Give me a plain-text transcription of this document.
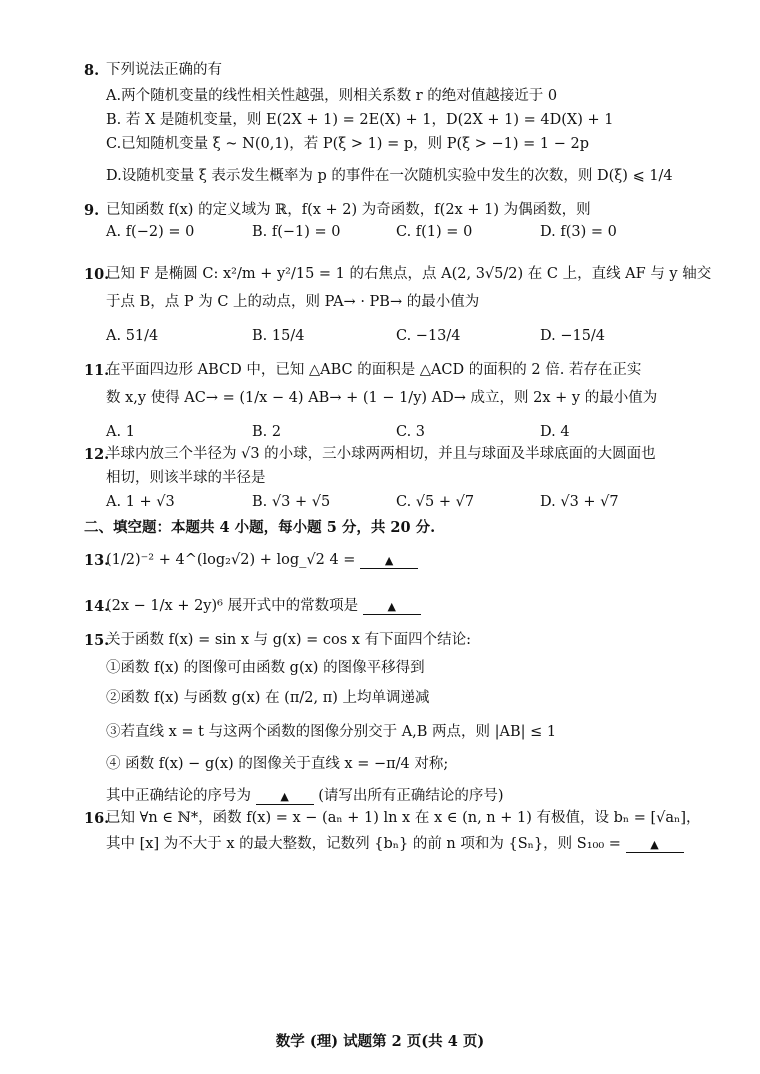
8. 下列说法正确的有
A.两个随机变量的线性相关性越强，则相关系数 r 的绝对值越接近于 0
B. 若 X 是随机变量，则 E(2X + 1) = 2E(X) + 1，D(2X + 1) = 4D(X) + 1
C.已知随机变量 ξ ~ N(0,1)，若 P(ξ > 1) = p，则 P(ξ > −1) = 1 − 2p
D.设随机变量 ξ 表示发生概率为 p 的事件在一次随机实验中发生的次数，则 D(ξ) ⩽ 1/4
9. 已知函数 f(x) 的定义域为 ℝ，f(x + 2) 为奇函数，f(2x + 1) 为偶函数，则
A. f(−2) = 0	B. f(−1) = 0	C. f(1) = 0	D. f(3) = 0
10.
已知 F 是椭圆 C: x²/m + y²/15 = 1 的右焦点，点 A(2, 3√5/2) 在 C 上，直线 AF 与 y 轴交
于点 B，点 P 为 C 上的动点，则 PA→ · PB→ 的最小值为
A. 51/4	B. 15/4	C. −13/4	D. −15/4
11.
在平面四边形 ABCD 中，已知 △ABC 的面积是 △ACD 的面积的 2 倍. 若存在正实
数 x,y 使得 AC→ = (1/x − 4) AB→ + (1 − 1/y) AD→ 成立，则 2x + y 的最小值为
A. 1	B. 2	C. 3	D. 4
12.
半球内放三个半径为 √3 的小球，三小球两两相切，并且与球面及半球底面的大圆面也
相切，则该半球的半径是
A. 1 + √3	B. √3 + √5	C. √5 + √7	D. √3 + √7
二、填空题：本题共 4 小题，每小题 5 分，共 20 分.
13.
(1/2)⁻² + 4^(log₂√2) + log_√2 4 =	▲
14.
(2x − 1/x + 2y)⁶ 展开式中的常数项是	▲
15.
关于函数 f(x) = sin x 与 g(x) = cos x 有下面四个结论:
①函数 f(x) 的图像可由函数 g(x) 的图像平移得到
②函数 f(x) 与函数 g(x) 在 (π/2, π) 上均单调递减
③若直线 x = t 与这两个函数的图像分别交于 A,B 两点，则 |AB| ≤ 1
④ 函数 f(x) − g(x) 的图像关于直线 x = −π/4 对称;
其中正确结论的序号为	▲ (请写出所有正确结论的序号)
16.
已知 ∀n ∈ ℕ*，函数 f(x) = x − (aₙ + 1) ln x 在 x ∈ (n, n + 1) 有极值，设 bₙ = [√aₙ]，
其中 [x] 为不大于 x 的最大整数，记数列 {bₙ} 的前 n 项和为 {Sₙ}，则 S₁₀₀ =	▲
数学 (理) 试题第 2 页(共 4 页)
